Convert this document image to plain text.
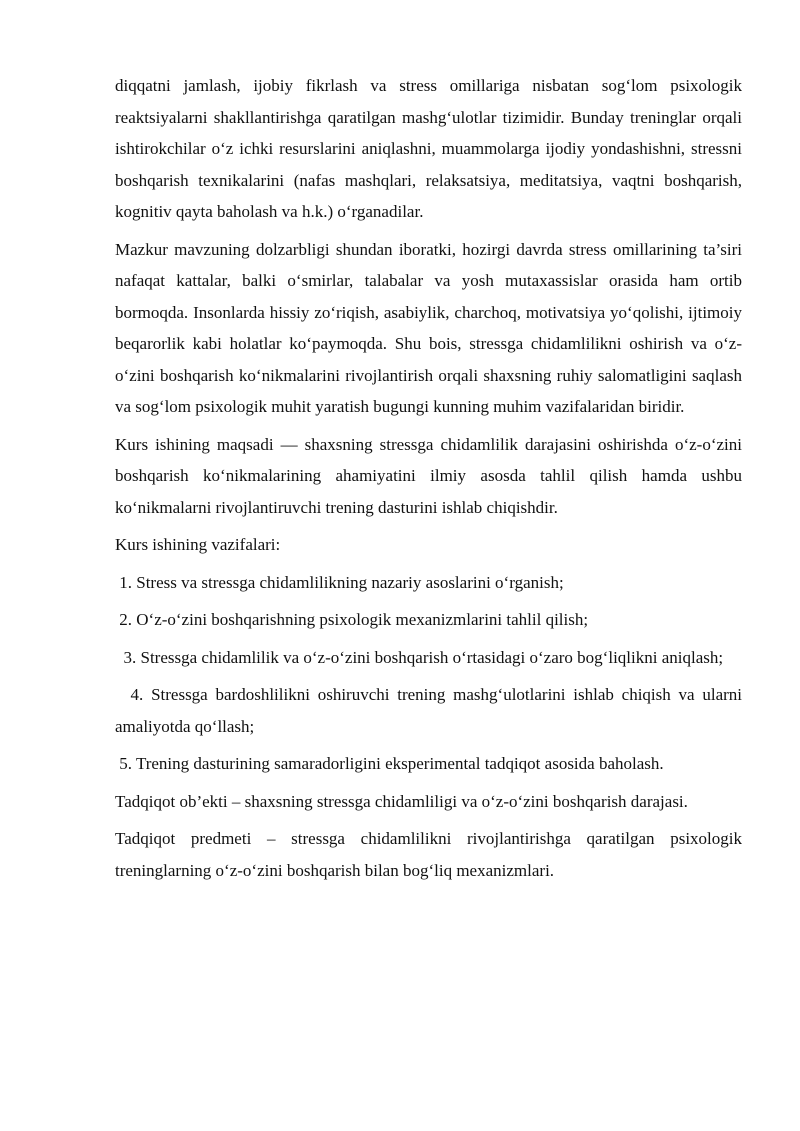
diqqatni jamlash, ijobiy fikrlash va stress omillariga nisbatan sog‘lom psixologik reaktsiyalarni shakllantirishga qaratilgan mashg‘ulotlar tizimidir. Bunday treninglar orqali ishtirokchilar o‘z ichki resurslarini aniqlashni, muammolarga ijodiy yondashishni, stressni boshqarish texnikalarini (nafas mashqlari, relaksatsiya, meditatsiya, vaqtni boshqarish, kognitiv qayta baholash va h.k.) o‘rganadilar.

Mazkur mavzuning dolzarbligi shundan iboratki, hozirgi davrda stress omillarining ta’siri nafaqat kattalar, balki o‘smirlar, talabalar va yosh mutaxassislar orasida ham ortib bormoqda. Insonlarda hissiy zo‘riqish, asabiylik, charchoq, motivatsiya yo‘qolishi, ijtimoiy beqarorlik kabi holatlar ko‘paymoqda. Shu bois, stressga chidamlilikni oshirish va o‘z-o‘zini boshqarish ko‘nikmalarini rivojlantirish orqali shaxsning ruhiy salomatligini saqlash va sog‘lom psixologik muhit yaratish bugungi kunning muhim vazifalaridan biridir.

Kurs ishining maqsadi — shaxsning stressga chidamlilik darajasini oshirishda o‘z-o‘zini boshqarish ko‘nikmalarining ahamiyatini ilmiy asosda tahlil qilish hamda ushbu ko‘nikmalarni rivojlantiruvchi trening dasturini ishlab chiqishdir.

Kurs ishining vazifalari:

1. Stress va stressga chidamlilikning nazariy asoslarini o‘rganish;

2. O‘z-o‘zini boshqarishning psixologik mexanizmlarini tahlil qilish;

3. Stressga chidamlilik va o‘z-o‘zini boshqarish o‘rtasidagi o‘zaro bog‘liqlikni aniqlash;

4. Stressga bardoshlilikni oshiruvchi trening mashg‘ulotlarini ishlab chiqish va ularni amaliyotda qo‘llash;

5. Trening dasturining samaradorligini eksperimental tadqiqot asosida baholash.

Tadqiqot ob’ekti – shaxsning stressga chidamliligi va o‘z-o‘zini boshqarish darajasi.

Tadqiqot predmeti – stressga chidamlilikni rivojlantirishga qaratilgan psixologik treninglarning o‘z-o‘zini boshqarish bilan bog‘liq mexanizmlari.
